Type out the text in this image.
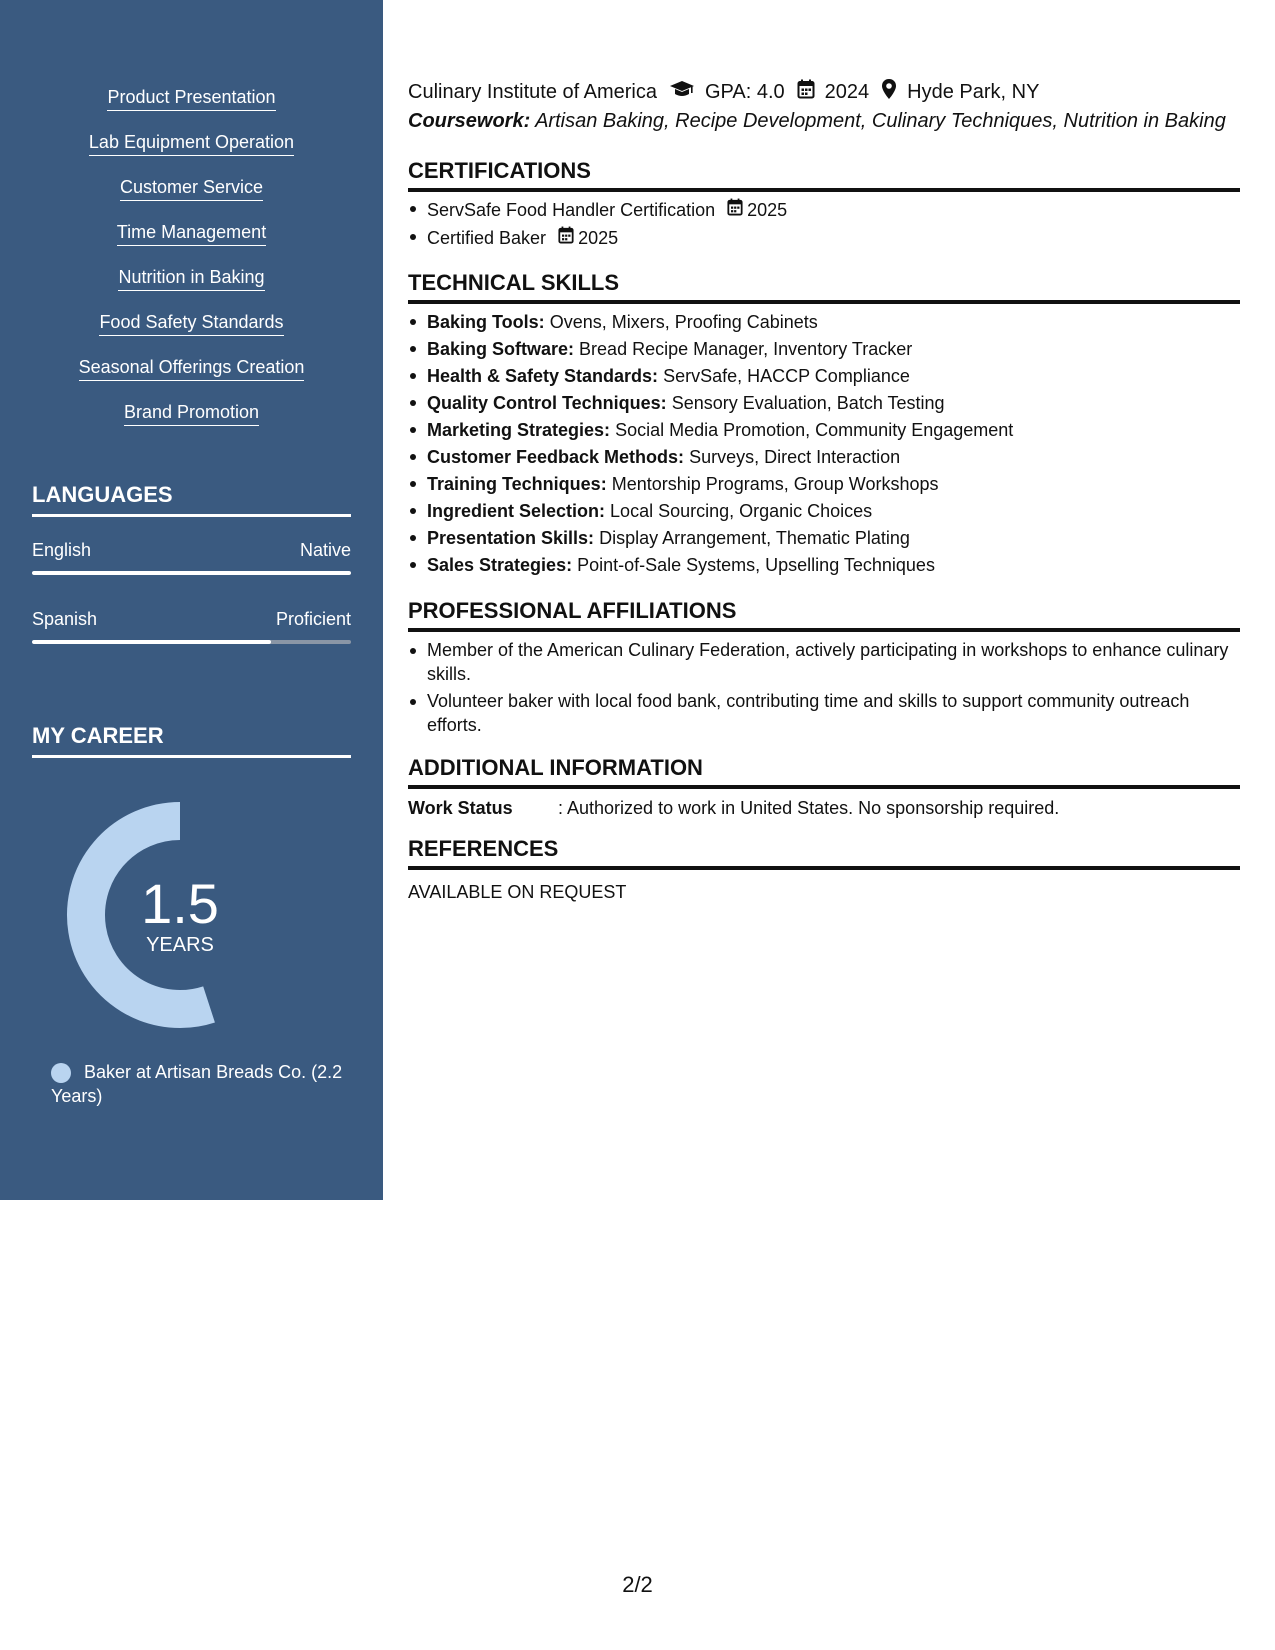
Product Presentation
Lab Equipment Operation
Customer Service
Time Management
Nutrition in Baking
Food Safety Standards
Seasonal Offerings Creation
Brand Promotion
LANGUAGES
English	Native
Spanish	Proficient
MY CAREER
1.5
YEARS
Baker at Artisan Breads Co. (2.2 Years)
Culinary Institute of America GPA: 4.0 2024 Hyde Park, NY
Coursework: Artisan Baking, Recipe Development, Culinary Techniques, Nutrition in Baking
CERTIFICATIONS
ServSafe Food Handler Certification 2025
Certified Baker 2025
TECHNICAL SKILLS
Baking Tools: Ovens, Mixers, Proofing Cabinets
Baking Software: Bread Recipe Manager, Inventory Tracker
Health & Safety Standards: ServSafe, HACCP Compliance
Quality Control Techniques: Sensory Evaluation, Batch Testing
Marketing Strategies: Social Media Promotion, Community Engagement
Customer Feedback Methods: Surveys, Direct Interaction
Training Techniques: Mentorship Programs, Group Workshops
Ingredient Selection: Local Sourcing, Organic Choices
Presentation Skills: Display Arrangement, Thematic Plating
Sales Strategies: Point-of-Sale Systems, Upselling Techniques
PROFESSIONAL AFFILIATIONS
Member of the American Culinary Federation, actively participating in workshops to enhance culinary skills.
Volunteer baker with local food bank, contributing time and skills to support community outreach efforts.
ADDITIONAL INFORMATION
Work Status	: Authorized to work in United States. No sponsorship required.
REFERENCES
AVAILABLE ON REQUEST
2/2
